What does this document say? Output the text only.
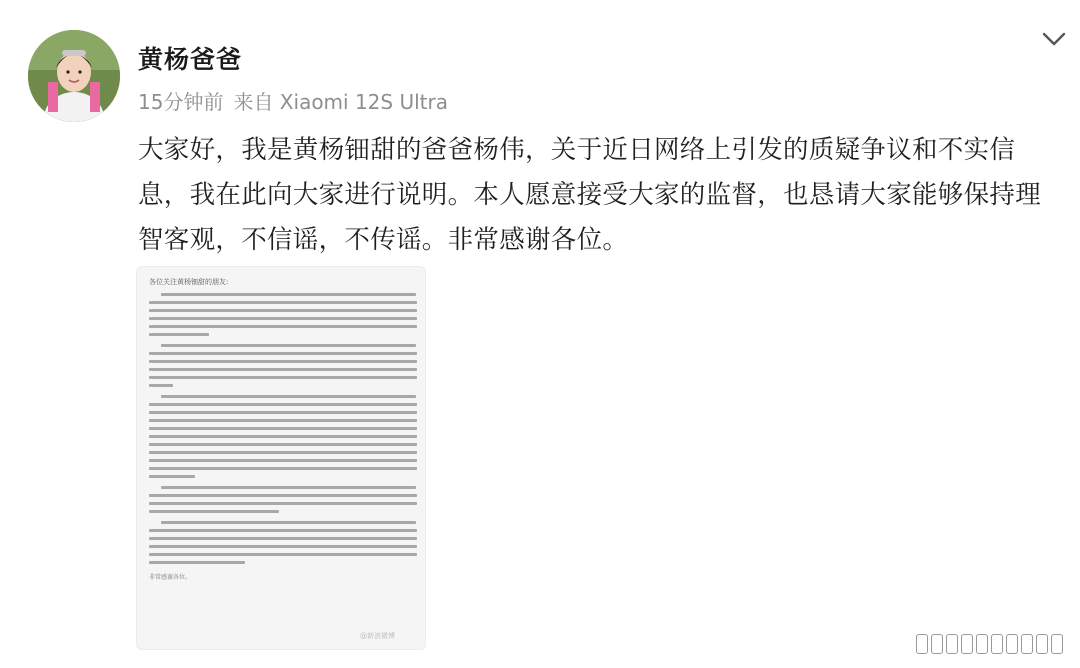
黄杨爸爸
15分钟前 来自 Xiaomi 12S Ultra
大家好，我是黄杨钿甜的爸爸杨伟，关于近日网络上引发的质疑争议和不实信息，我在此向大家进行说明。本人愿意接受大家的监督，也恳请大家能够保持理智客观，不信谣，不传谣。非常感谢各位。
各位关注黄杨钿甜的朋友:
非常感谢各位。
@新浪微博
